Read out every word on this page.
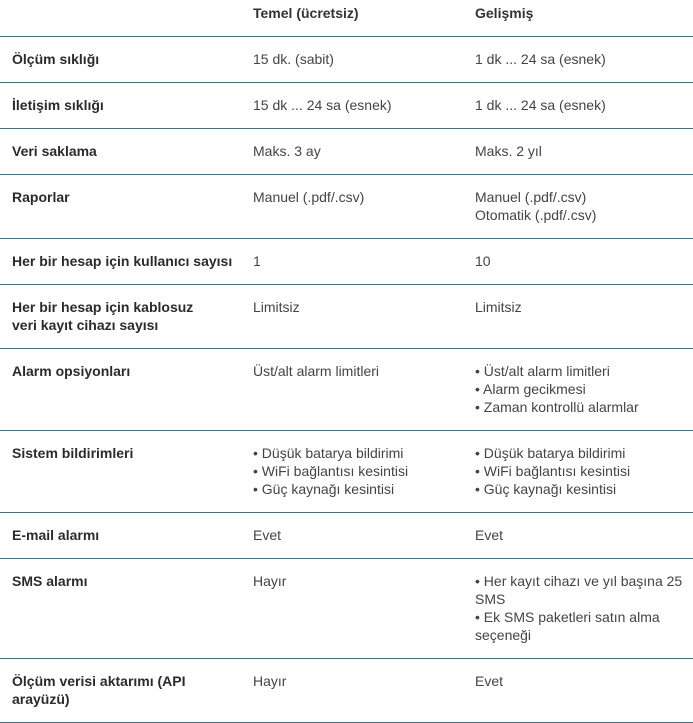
	Temel (ücretsiz)	Gelişmiş
Ölçüm sıklığı	15 dk. (sabit)	1 dk ... 24 sa (esnek)

İletişim sıklığı	15 dk ... 24 sa (esnek)	1 dk ... 24 sa (esnek)

Veri saklama	Maks. 3 ay	Maks. 2 yıl

Raporlar	Manuel (.pdf/.csv)	Manuel (.pdf/.csv)
Otomatik (.pdf/.csv)

Her bir hesap için kullanıcı sayısı	1	10

Her bir hesap için kablosuz
veri kayıt cihazı sayısı	Limitsiz	Limitsiz

Alarm opsiyonları	Üst/alt alarm limitleri	• Üst/alt alarm limitleri
• Alarm gecikmesi
• Zaman kontrollü alarmlar

Sistem bildirimleri	• Düşük batarya bildirimi
• WiFi bağlantısı kesintisi
• Güç kaynağı kesintisi	• Düşük batarya bildirimi
• WiFi bağlantısı kesintisi
• Güç kaynağı kesintisi

E-mail alarmı	Evet	Evet

SMS alarmı	Hayır	• Her kayıt cihazı ve yıl başına 25
SMS
• Ek SMS paketleri satın alma
seçeneği

Ölçüm verisi aktarımı (API arayüzü)	Hayır	Evet
